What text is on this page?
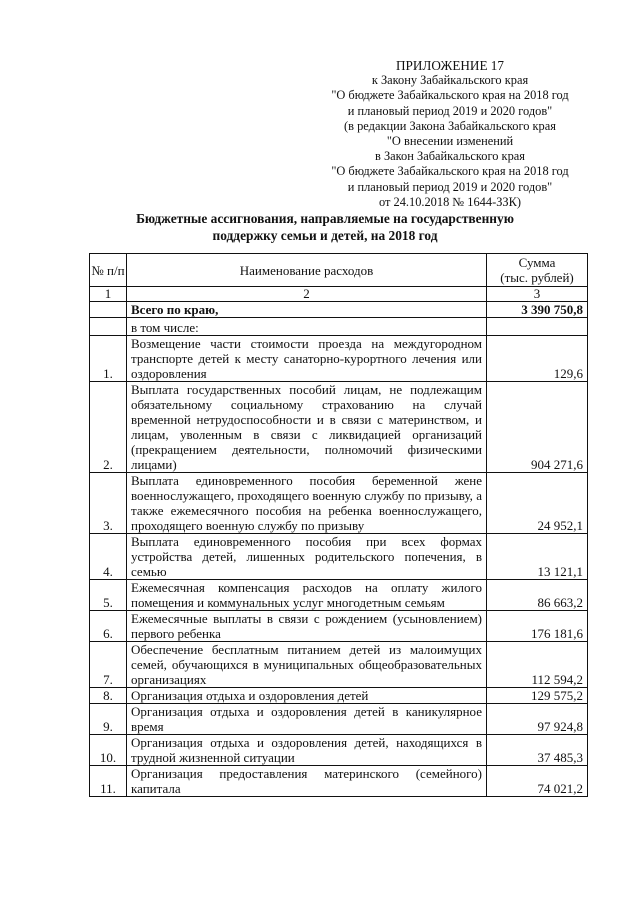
ПРИЛОЖЕНИЕ 17
к Закону Забайкальского края
"О бюджете Забайкальского края на 2018 год
и плановый период 2019 и 2020 годов"
(в редакции Закона Забайкальского края
"О внесении изменений
в Закон Забайкальского края
"О бюджете Забайкальского края на 2018 год
и плановый период 2019 и 2020 годов"
от 24.10.2018 № 1644-ЗЗК)
Бюджетные ассигнования, направляемые на государственную
поддержку семьи и детей, на 2018 год
№ п/п	Наименование расходов	Сумма
(тыс. рублей)

1	2	3
	Всего по краю,	3 390 750,8
	в том числе:	
1.	Возмещение части стоимости проезда на междугородном транспорте детей к месту санаторно-курортного лечения или оздоровления	129,6
2.	Выплата государственных пособий лицам, не подлежащим обязательному социальному страхованию на случай временной нетрудоспособности и в связи с материнством, и лицам, уволенным в связи с ликвидацией организаций (прекращением деятельности, полномочий физическими лицами)	904 271,6
3.	Выплата единовременного пособия беременной жене военнослужащего, проходящего военную службу по призыву, а также ежемесячного пособия на ребенка военнослужащего, проходящего военную службу по призыву	24 952,1
4.	Выплата единовременного пособия при всех формах устройства детей, лишенных родительского попечения, в семью	13 121,1
5.	Ежемесячная компенсация расходов на оплату жилого помещения и коммунальных услуг многодетным семьям	86 663,2
6.	Ежемесячные выплаты в связи с рождением (усыновлением) первого ребенка	176 181,6
7.	Обеспечение бесплатным питанием детей из малоимущих семей, обучающихся в муниципальных общеобразовательных организациях	112 594,2
8.	Организация отдыха и оздоровления детей	129 575,2
9.	Организация отдыха и оздоровления детей в каникулярное время	97 924,8
10.	Организация отдыха и оздоровления детей, находящихся в трудной жизненной ситуации	37 485,3
11.	Организация предоставления материнского (семейного) капитала	74 021,2
